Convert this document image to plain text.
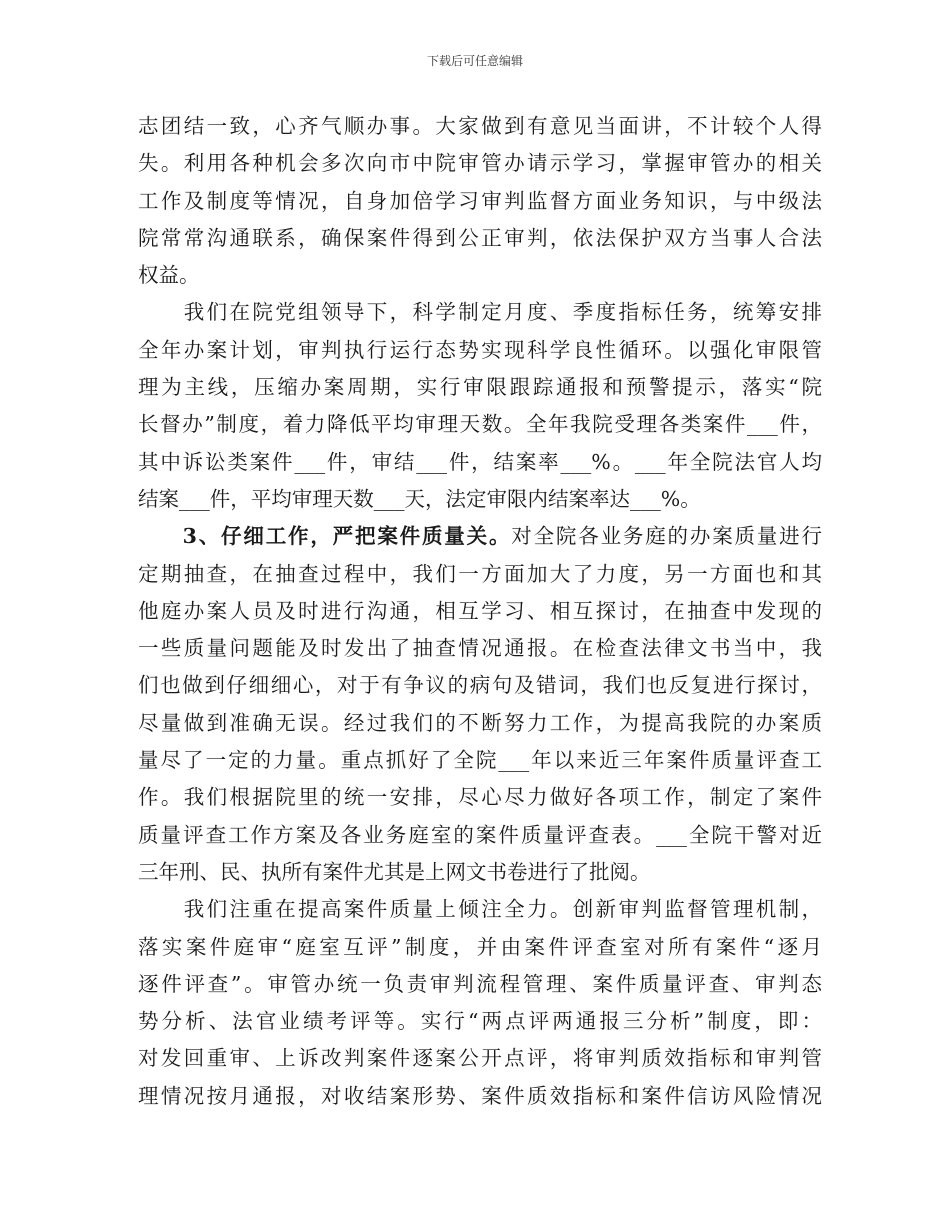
下载后可任意编辑
志团结一致，心齐气顺办事。大家做到有意见当面讲，不计较个人得
失。利用各种机会多次向市中院审管办请示学习，掌握审管办的相关
工作及制度等情况，自身加倍学习审判监督方面业务知识，与中级法
院常常沟通联系，确保案件得到公正审判，依法保护双方当事人合法
权益。
　　我们在院党组领导下，科学制定月度、季度指标任务，统筹安排
全年办案计划，审判执行运行态势实现科学良性循环。以强化审限管
理为主线，压缩办案周期，实行审限跟踪通报和预警提示，落实“院
长督办”制度，着力降低平均审理天数。全年我院受理各类案件___件，
其中诉讼类案件___件，审结___件，结案率___%。___年全院法官人均
结案___件，平均审理天数___天，法定审限内结案率达___%。
　　3、仔细工作，严把案件质量关。对全院各业务庭的办案质量进行
定期抽查，在抽查过程中，我们一方面加大了力度，另一方面也和其
他庭办案人员及时进行沟通，相互学习、相互探讨，在抽查中发现的
一些质量问题能及时发出了抽查情况通报。在检查法律文书当中，我
们也做到仔细细心，对于有争议的病句及错词，我们也反复进行探讨，
尽量做到准确无误。经过我们的不断努力工作，为提高我院的办案质
量尽了一定的力量。重点抓好了全院___年以来近三年案件质量评查工
作。我们根据院里的统一安排，尽心尽力做好各项工作，制定了案件
质量评查工作方案及各业务庭室的案件质量评查表。___全院干警对近
三年刑、民、执所有案件尤其是上网文书卷进行了批阅。
　　我们注重在提高案件质量上倾注全力。创新审判监督管理机制，
落实案件庭审“庭室互评”制度，并由案件评查室对所有案件“逐月
逐件评查”。审管办统一负责审判流程管理、案件质量评查、审判态
势分析、法官业绩考评等。实行“两点评两通报三分析”制度，即：
对发回重审、上诉改判案件逐案公开点评，将审判质效指标和审判管
理情况按月通报，对收结案形势、案件质效指标和案件信访风险情况
